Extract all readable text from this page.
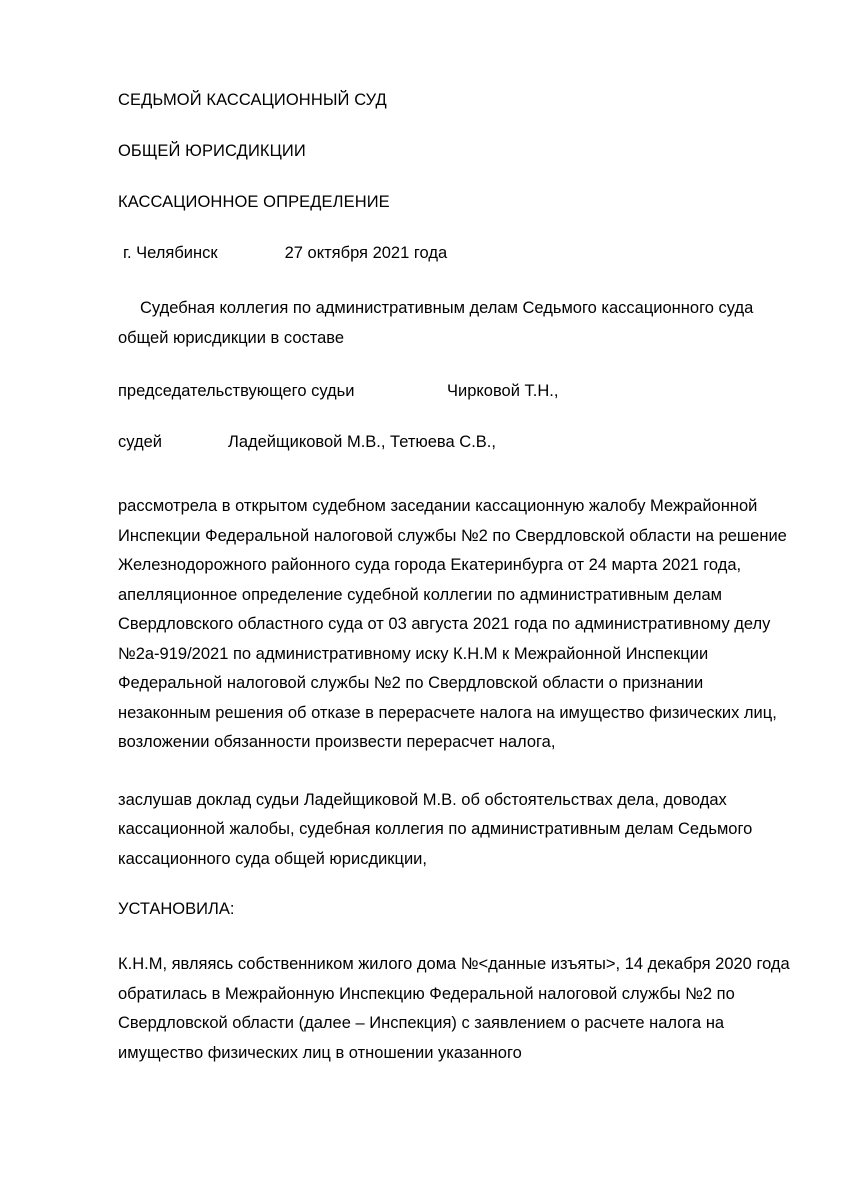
СЕДЬМОЙ КАССАЦИОННЫЙ СУД
ОБЩЕЙ ЮРИСДИКЦИИ
КАССАЦИОННОЕ ОПРЕДЕЛЕНИЕ
г. Челябинск	27 октября 2021 года
Судебная коллегия по административным делам Седьмого кассационного суда общей юрисдикции в составе
председательствующего судьи	Чирковой Т.Н.,
судей	Ладейщиковой М.В., Тетюева С.В.,
рассмотрела в открытом судебном заседании кассационную жалобу Межрайонной Инспекции Федеральной налоговой службы №2 по Свердловской области на решение Железнодорожного районного суда города Екатеринбурга от 24 марта 2021 года, апелляционное определение судебной коллегии по административным делам Свердловского областного суда от 03 августа 2021 года по административному делу №2а-919/2021 по административному иску К.Н.М к Межрайонной Инспекции Федеральной налоговой службы №2 по Свердловской области о признании незаконным решения об отказе в перерасчете налога на имущество физических лиц, возложении обязанности произвести перерасчет налога,
заслушав доклад судьи Ладейщиковой М.В. об обстоятельствах дела, доводах кассационной жалобы, судебная коллегия по административным делам Седьмого кассационного суда общей юрисдикции,
УСТАНОВИЛА:
К.Н.М, являясь собственником жилого дома №<данные изъяты>, 14 декабря 2020 года обратилась в Межрайонную Инспекцию Федеральной налоговой службы №2 по Свердловской области (далее – Инспекция) с заявлением о расчете налога на имущество физических лиц в отношении указанного
